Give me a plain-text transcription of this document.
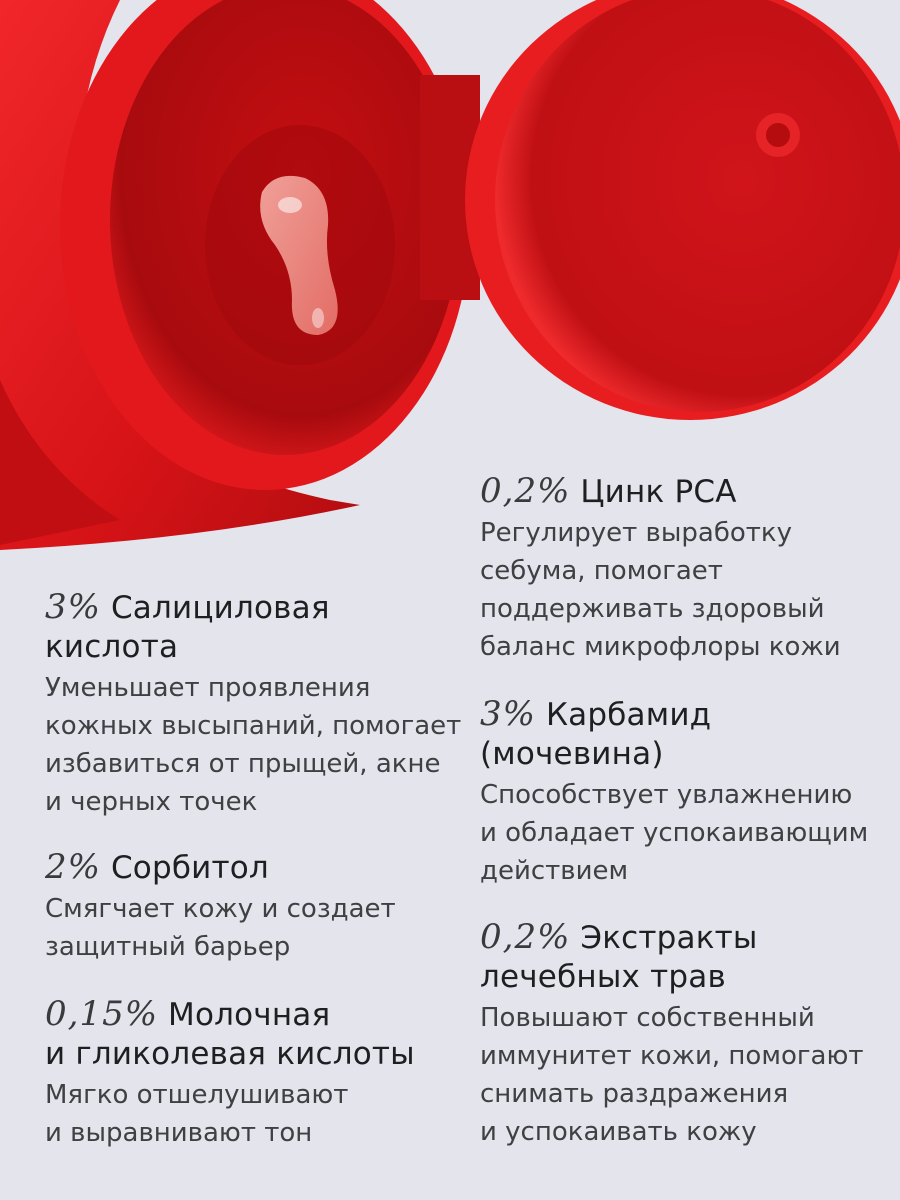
3% Салициловая
кислота
Уменьшает проявления
кожных высыпаний, помогает
избавиться от прыщей, акне
и черных точек
2% Сорбитол
Смягчает кожу и создает
защитный барьер
0,15% Молочная
и гликолевая кислоты
Мягко отшелушивают
и выравнивают тон
0,2% Цинк PCA
Регулирует выработку
себума, помогает
поддерживать здоровый
баланс микрофлоры кожи
3% Карбамид
(мочевина)
Способствует увлажнению
и обладает успокаивающим
действием
0,2% Экстракты
лечебных трав
Повышают собственный
иммунитет кожи, помогают
снимать раздражения
и успокаивать кожу
